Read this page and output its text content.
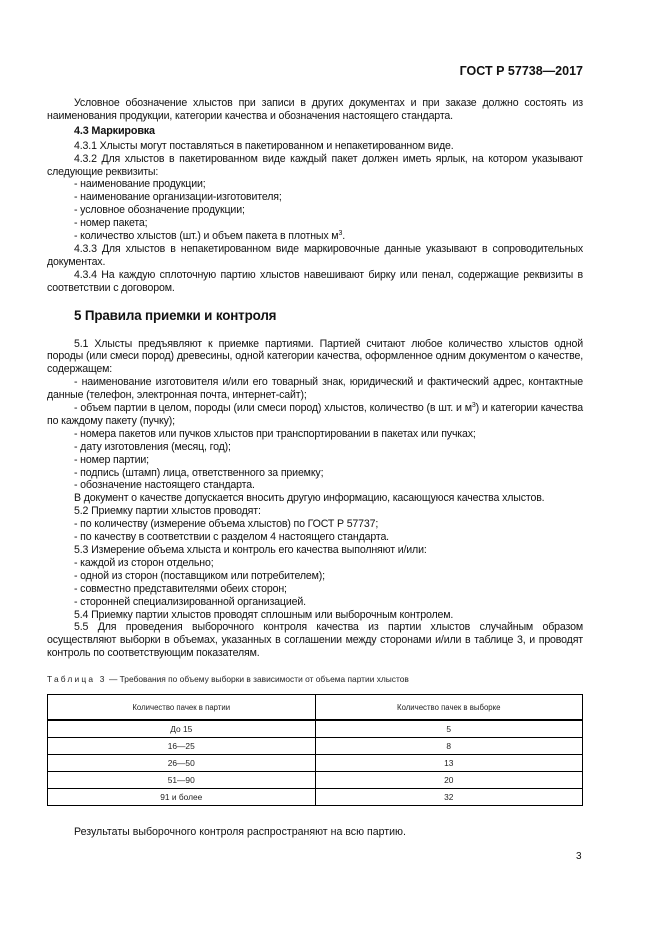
ГОСТ Р 57738—2017

Условное обозначение хлыстов при записи в других документах и при заказе должно состоять из наименования продукции, категории качества и обозначения настоящего стандарта.

4.3 Маркировка

4.3.1 Хлысты могут поставляться в пакетированном и непакетированном виде.

4.3.2 Для хлыстов в пакетированном виде каждый пакет должен иметь ярлык, на котором указывают следующие реквизиты:

- наименование продукции;

- наименование организации-изготовителя;

- условное обозначение продукции;

- номер пакета;

- количество хлыстов (шт.) и объем пакета в плотных $м^3$.

4.3.3 Для хлыстов в непакетированном виде маркировочные данные указывают в сопроводительных документах.

4.3.4 На каждую сплоточную партию хлыстов навешивают бирку или пенал, содержащие реквизиты в соответствии с договором.

5 Правила приемки и контроля

5.1 Хлысты предъявляют к приемке партиями. Партией считают любое количество хлыстов одной породы (или смеси пород) древесины, одной категории качества, оформленное одним документом о качестве, содержащем:

- наименование изготовителя и/или его товарный знак, юридический и фактический адрес, контактные данные (телефон, электронная почта, интернет-сайт);

- объем партии в целом, породы (или смеси пород) хлыстов, количество (в шт. и $м^3$) и категории качества по каждому пакету (пучку);

- номера пакетов или пучков хлыстов при транспортировании в пакетах или пучках;

- дату изготовления (месяц, год);

- номер партии;

- подпись (штамп) лица, ответственного за приемку;

- обозначение настоящего стандарта.

В документ о качестве допускается вносить другую информацию, касающуюся качества хлыстов.

5.2 Приемку партии хлыстов проводят:

- по количеству (измерение объема хлыстов) по ГОСТ Р 57737;

- по качеству в соответствии с разделом 4 настоящего стандарта.

5.3 Измерение объема хлыста и контроль его качества выполняют и/или:

- каждой из сторон отдельно;

- одной из сторон (поставщиком или потребителем);

- совместно представителями обеих сторон;

- сторонней специализированной организацией.

5.4 Приемку партии хлыстов проводят сплошным или выборочным контролем.

5.5 Для проведения выборочного контроля качества из партии хлыстов случайным образом осуществляют выборки в объемах, указанных в соглашении между сторонами и/или в таблице 3, и проводят контроль по соответствующим показателям.

Таблица 3 — Требования по объему выборки в зависимости от объема партии хлыстов
Количество пачек в партии	Количество пачек в выборке
До 15	5
16—25	8
26—50	13
51—90	20
91 и более	32
Результаты выборочного контроля распространяют на всю партию.
3
